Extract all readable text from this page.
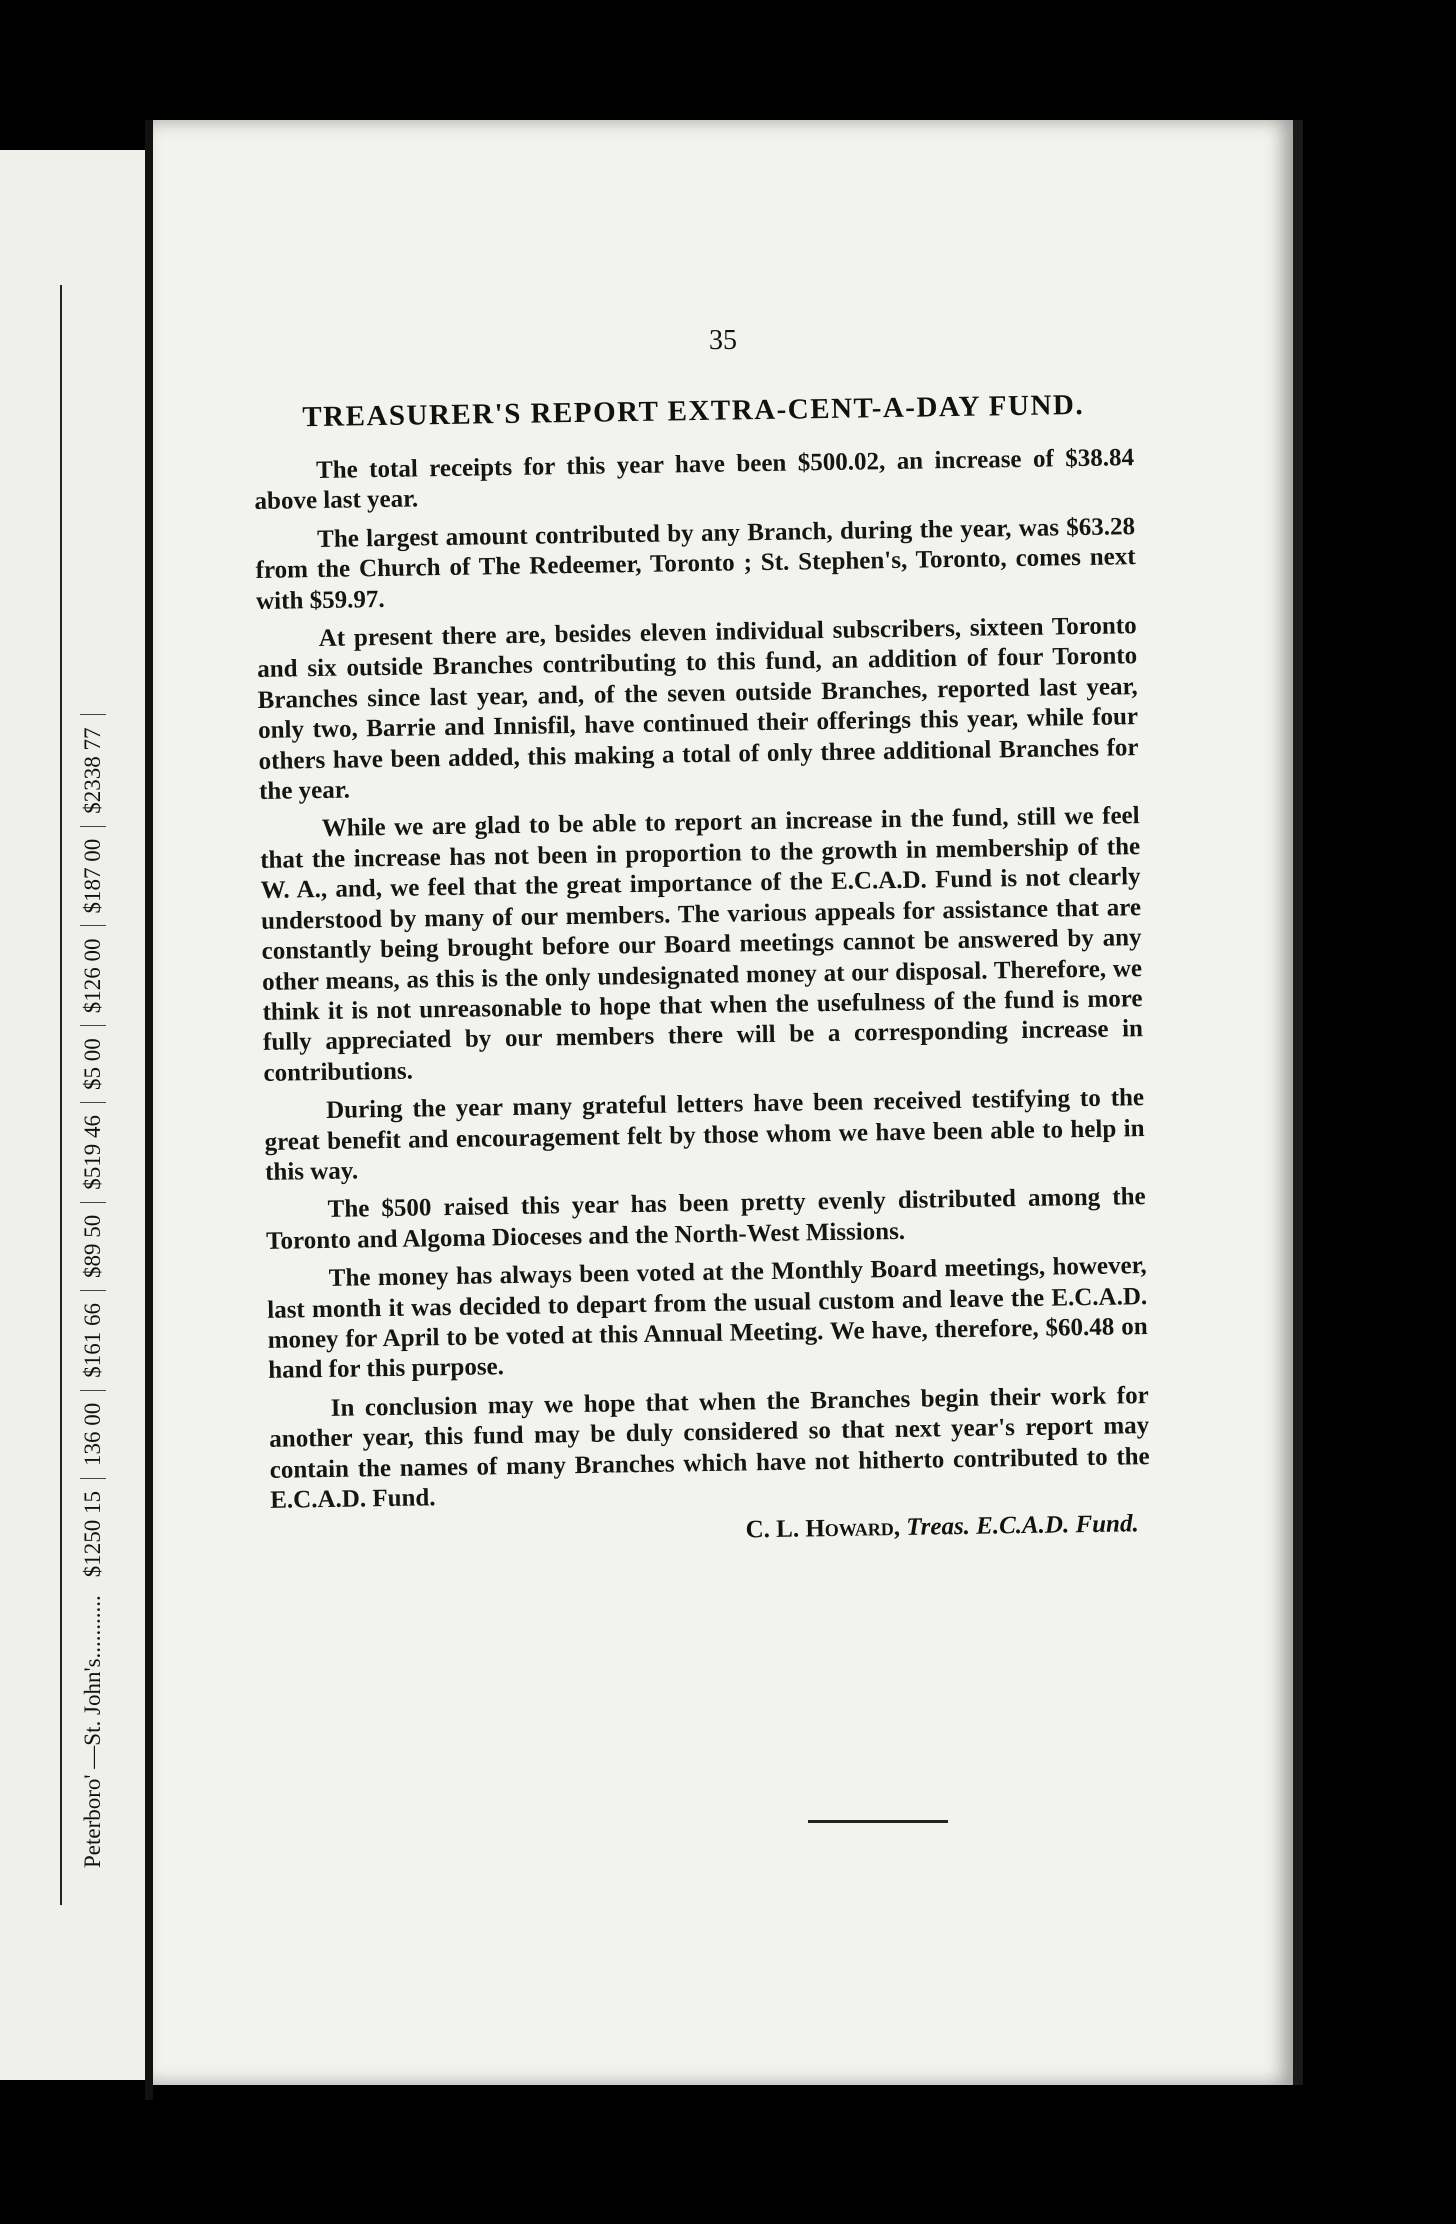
Peterboro' —St. John's...........
$1250 15
136 00
$161 66
$89 50
$519 46
$5 00
$126 00
$187 00
$2338 77
35
TREASURER'S REPORT EXTRA-CENT-A-DAY FUND.

The total receipts for this year have been $500.02, an increase of $38.84 above last year.

The largest amount contributed by any Branch, during the year, was $63.28 from the Church of The Redeemer, Toronto ; St. Stephen's, Toronto, comes next with $59.97.

At present there are, besides eleven individual subscribers, sixteen Toronto and six outside Branches contributing to this fund, an addition of four Toronto Branches since last year, and, of the seven outside Branches, reported last year, only two, Barrie and Innisfil, have continued their offerings this year, while four others have been added, this making a total of only three additional Branches for the year.

While we are glad to be able to report an increase in the fund, still we feel that the increase has not been in proportion to the growth in membership of the W. A., and, we feel that the great importance of the E.C.A.D. Fund is not clearly understood by many of our members. The various appeals for assistance that are constantly being brought before our Board meetings cannot be answered by any other means, as this is the only undesignated money at our disposal. Therefore, we think it is not unreasonable to hope that when the usefulness of the fund is more fully appreciated by our members there will be a corresponding increase in contributions.

During the year many grateful letters have been received testifying to the great benefit and encouragement felt by those whom we have been able to help in this way.

The $500 raised this year has been pretty evenly distributed among the Toronto and Algoma Dioceses and the North-West Missions.

The money has always been voted at the Monthly Board meetings, however, last month it was decided to depart from the usual custom and leave the E.C.A.D. money for April to be voted at this Annual Meeting. We have, therefore, $60.48 on hand for this purpose.

In conclusion may we hope that when the Branches begin their work for another year, this fund may be duly considered so that next year's report may contain the names of many Branches which have not hitherto contributed to the E.C.A.D. Fund.

C. L. Howard, Treas. E.C.A.D. Fund.
